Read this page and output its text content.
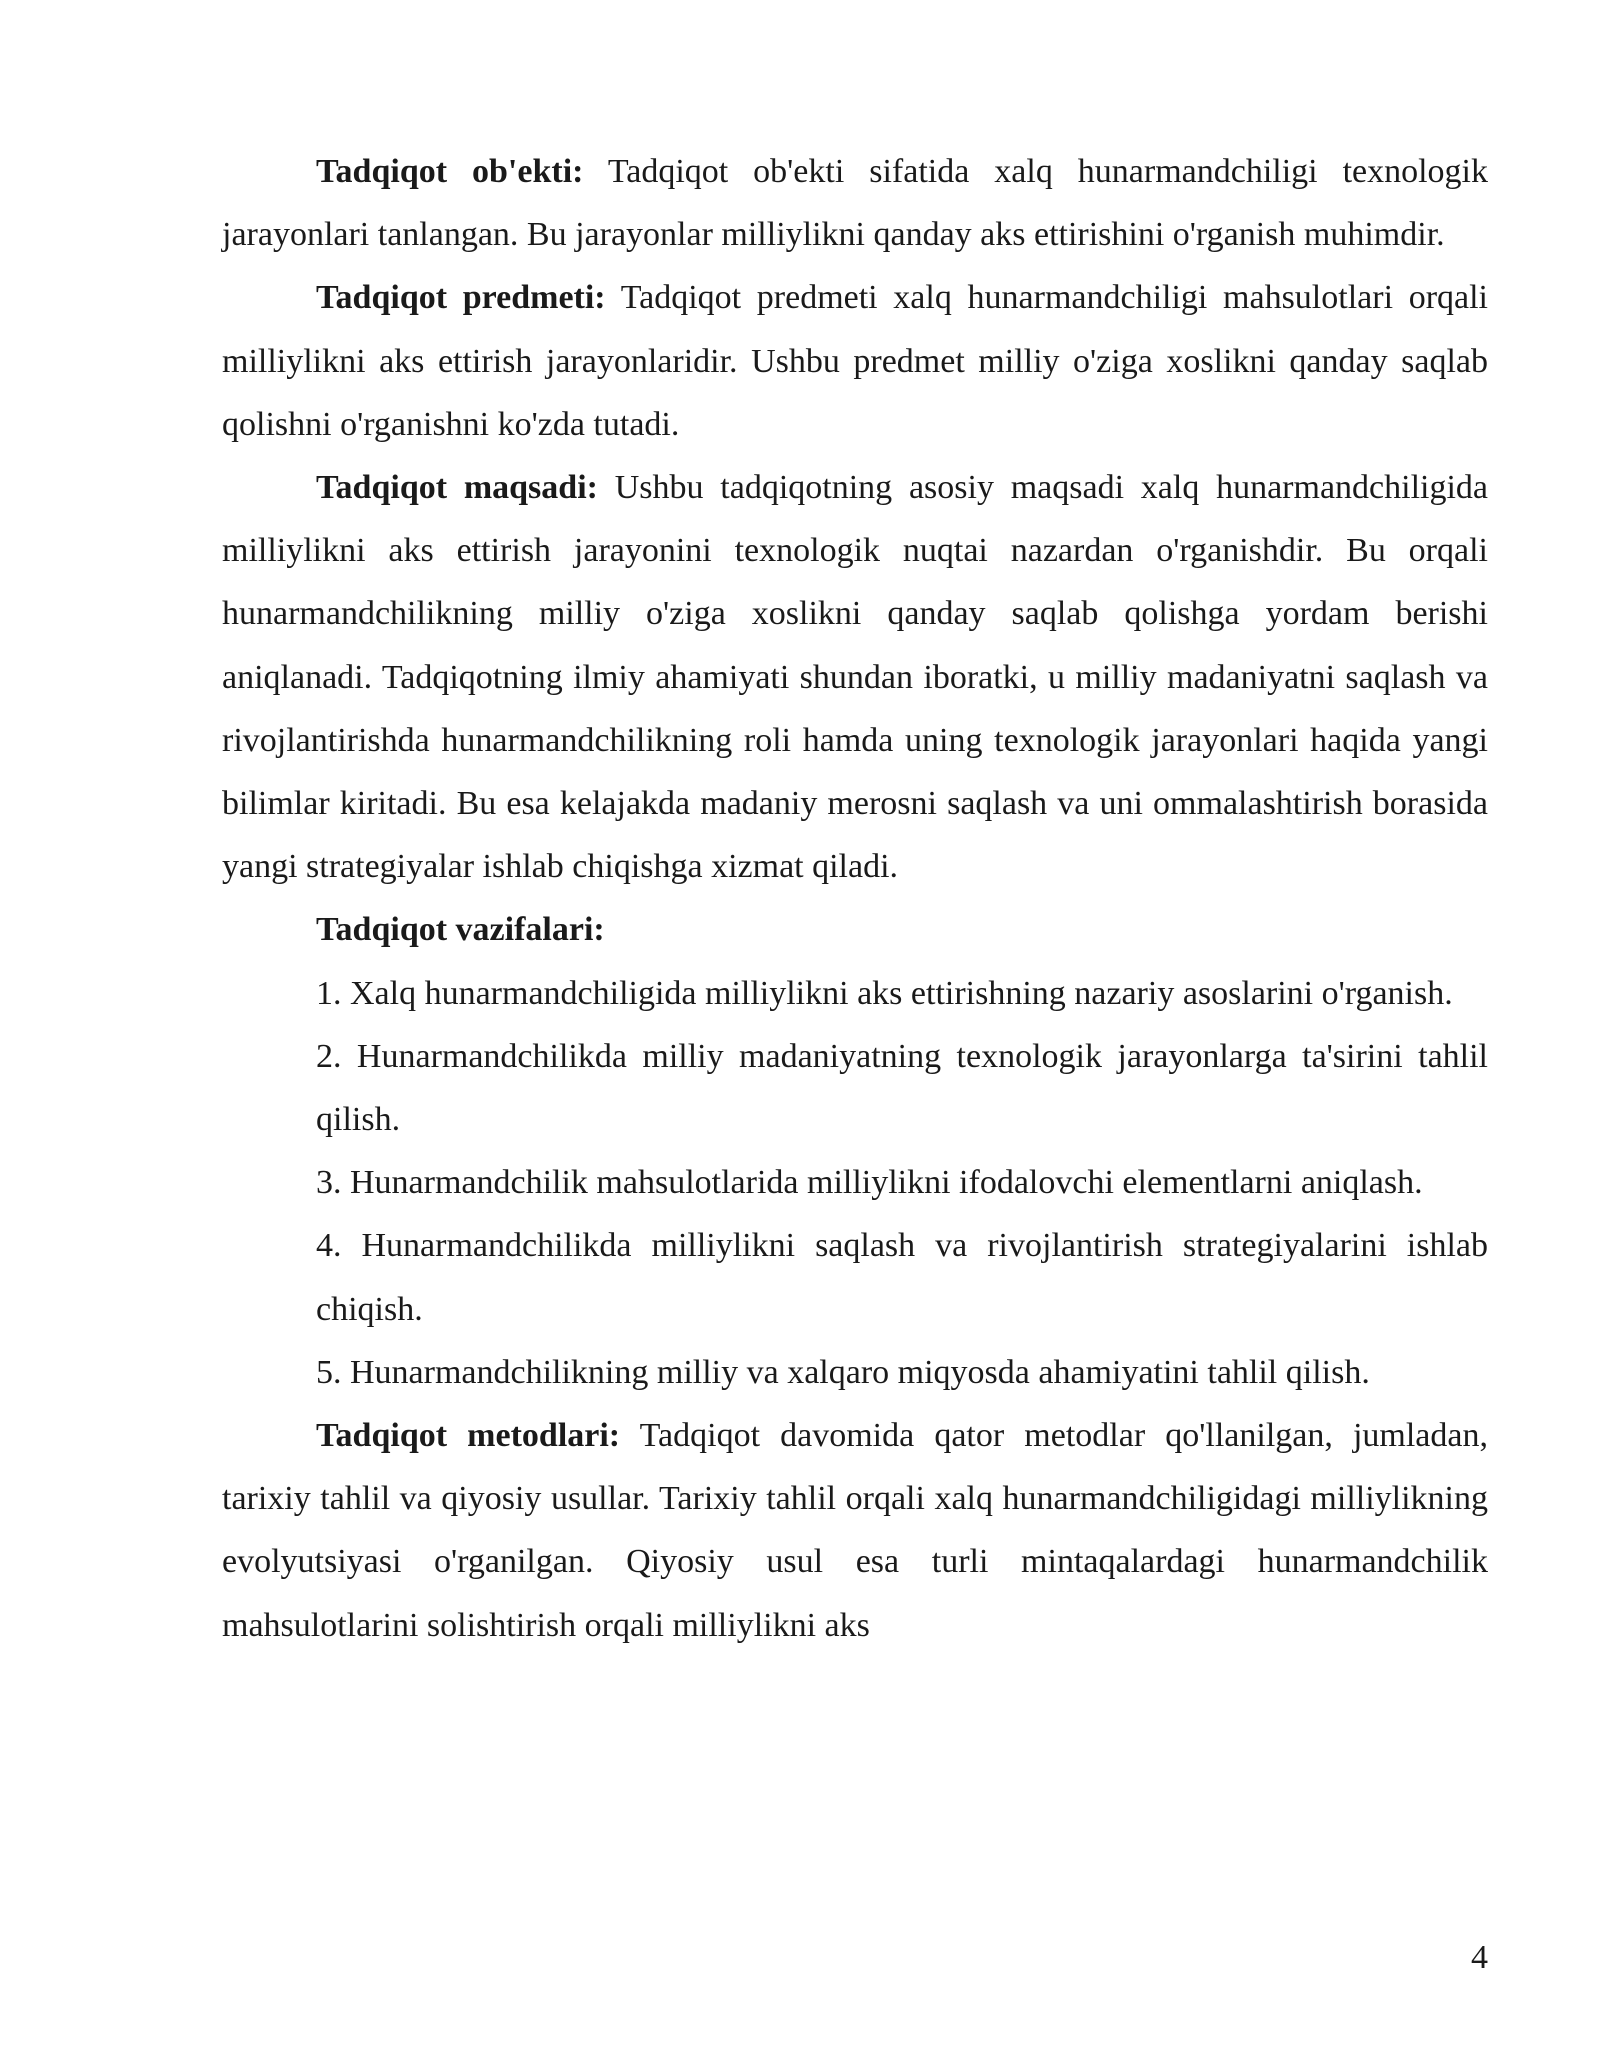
Tadqiqot ob'ekti: Tadqiqot ob'ekti sifatida xalq hunarmandchiligi texnologik jarayonlari tanlangan. Bu jarayonlar milliylikni qanday aks ettirishini o'rganish muhimdir.

Tadqiqot predmeti: Tadqiqot predmeti xalq hunarmandchiligi mahsulotlari orqali milliylikni aks ettirish jarayonlaridir. Ushbu predmet milliy o'ziga xoslikni qanday saqlab qolishni o'rganishni ko'zda tutadi.

Tadqiqot maqsadi: Ushbu tadqiqotning asosiy maqsadi xalq hunarmandchiligida milliylikni aks ettirish jarayonini texnologik nuqtai nazardan o'rganishdir. Bu orqali hunarmandchilikning milliy o'ziga xoslikni qanday saqlab qolishga yordam berishi aniqlanadi. Tadqiqotning ilmiy ahamiyati shundan iboratki, u milliy madaniyatni saqlash va rivojlantirishda hunarmandchilikning roli hamda uning texnologik jarayonlari haqida yangi bilimlar kiritadi. Bu esa kelajakda madaniy merosni saqlash va uni ommalashtirish borasida yangi strategiyalar ishlab chiqishga xizmat qiladi.

Tadqiqot vazifalari:

1. Xalq hunarmandchiligida milliylikni aks ettirishning nazariy asoslarini o'rganish.

2. Hunarmandchilikda milliy madaniyatning texnologik jarayonlarga ta'sirini tahlil qilish.

3. Hunarmandchilik mahsulotlarida milliylikni ifodalovchi elementlarni aniqlash.

4. Hunarmandchilikda milliylikni saqlash va rivojlantirish strategiyalarini ishlab chiqish.

5. Hunarmandchilikning milliy va xalqaro miqyosda ahamiyatini tahlil qilish.

Tadqiqot metodlari: Tadqiqot davomida qator metodlar qo'llanilgan, jumladan, tarixiy tahlil va qiyosiy usullar. Tarixiy tahlil orqali xalq hunarmandchiligidagi milliylikning evolyutsiyasi o'rganilgan. Qiyosiy usul esa turli mintaqalardagi hunarmandchilik mahsulotlarini solishtirish orqali milliylikni aks

4
